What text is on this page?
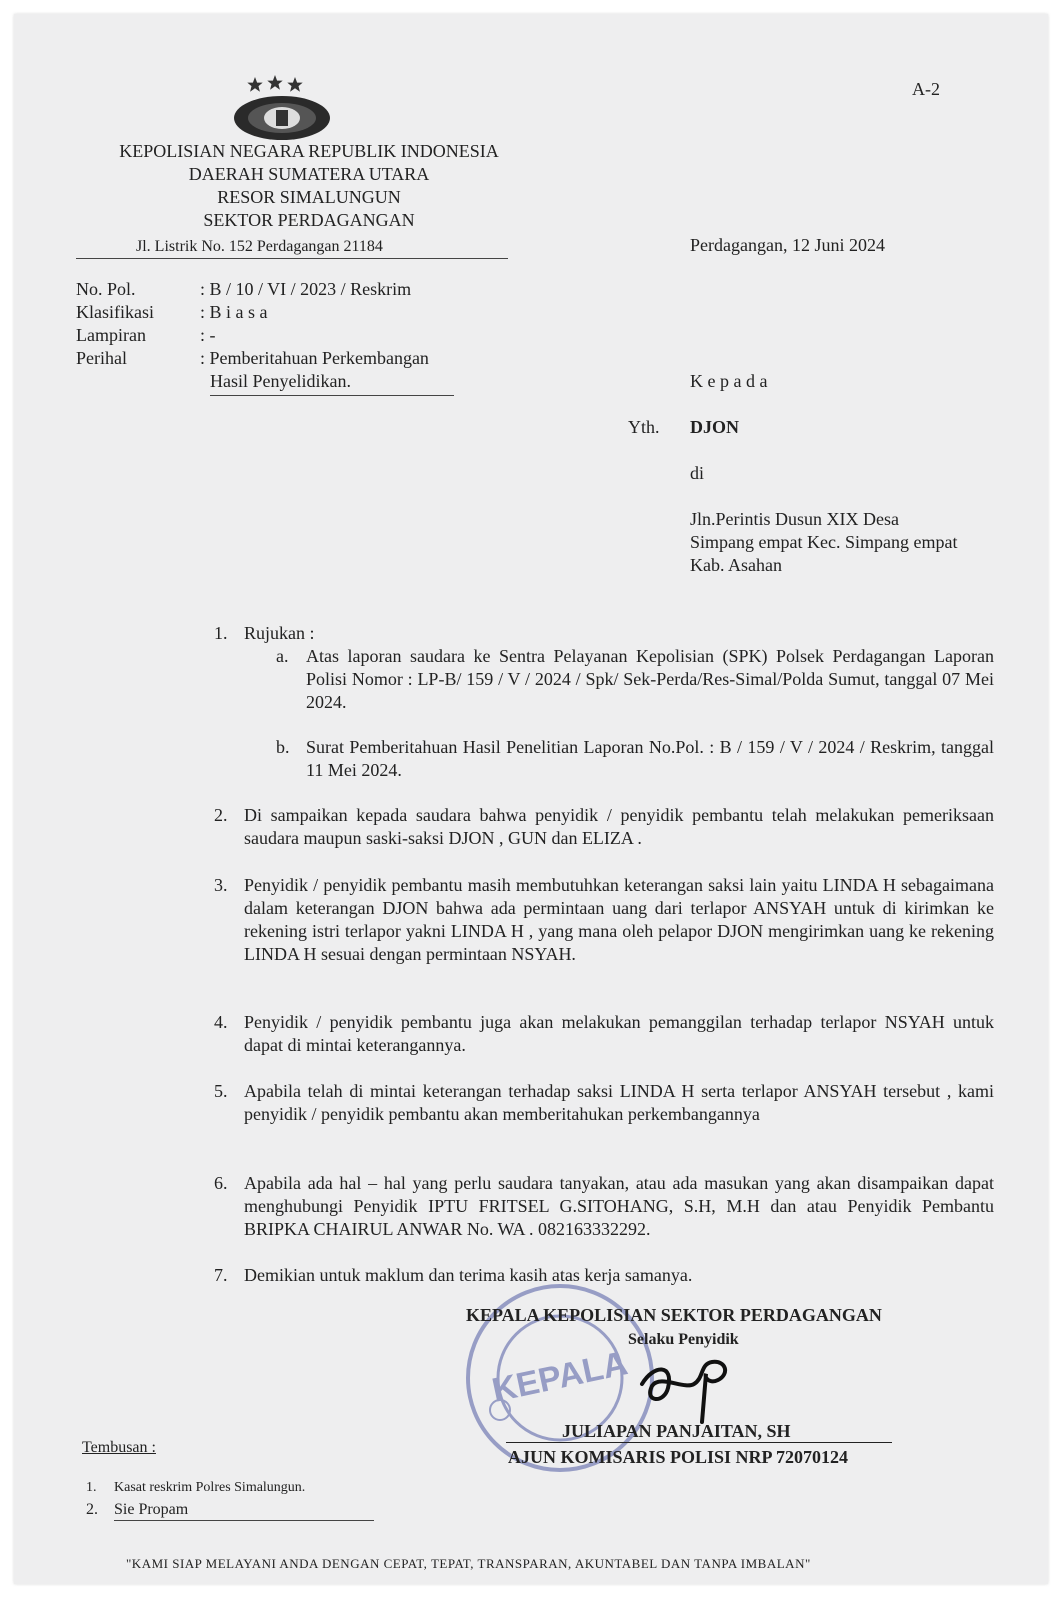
A-2
KEPOLISIAN NEGARA REPUBLIK INDONESIA
DAERAH SUMATERA UTARA
RESOR SIMALUNGUN
SEKTOR PERDAGANGAN
Jl. Listrik No. 152 Perdagangan 21184	Perdagangan, 12 Juni 2024
No. Pol.	: B / 10 / VI / 2023 / Reskrim
Klasifikasi	: B i a s a
Lampiran	: -
Perihal	: Pemberitahuan Perkembangan
Hasil Penyelidikan.	K e p a d a
Yth. DJON
di
Jln.Perintis Dusun XIX Desa
Simpang empat Kec. Simpang empat
Kab. Asahan
1. Rujukan :
a. Atas laporan saudara ke Sentra Pelayanan Kepolisian (SPK) Polsek Perdagangan Laporan Polisi Nomor : LP-B/ 159 / V / 2024 / Spk/ Sek-Perda/Res-Simal/Polda Sumut, tanggal 07 Mei 2024.
b. Surat Pemberitahuan Hasil Penelitian Laporan No.Pol. : B / 159 / V / 2024 / Reskrim, tanggal 11 Mei 2024.
2. Di sampaikan kepada saudara bahwa penyidik / penyidik pembantu telah melakukan pemeriksaan saudara maupun saski-saksi DJON , GUN dan ELIZA .
3. Penyidik / penyidik pembantu masih membutuhkan keterangan saksi lain yaitu LINDA H sebagaimana dalam keterangan DJON bahwa ada permintaan uang dari terlapor ANSYAH untuk di kirimkan ke rekening istri terlapor yakni LINDA H , yang mana oleh pelapor DJON mengirimkan uang ke rekening LINDA H sesuai dengan permintaan NSYAH.
4. Penyidik / penyidik pembantu juga akan melakukan pemanggilan terhadap terlapor NSYAH untuk dapat di mintai keterangannya.
5. Apabila telah di mintai keterangan terhadap saksi LINDA H serta terlapor ANSYAH tersebut , kami penyidik / penyidik pembantu akan memberitahukan perkembangannya
6. Apabila ada hal – hal yang perlu saudara tanyakan, atau ada masukan yang akan disampaikan dapat menghubungi Penyidik IPTU FRITSEL G.SITOHANG, S.H, M.H dan atau Penyidik Pembantu BRIPKA CHAIRUL ANWAR No. WA . 082163332292.
7. Demikian untuk maklum dan terima kasih atas kerja samanya.
KEPALA
KEPALA KEPOLISIAN SEKTOR PERDAGANGAN
Selaku Penyidik
JULIAPAN PANJAITAN, SH
AJUN KOMISARIS POLISI NRP 72070124
Tembusan :
1. Kasat reskrim Polres Simalungun.
2. Sie Propam
"KAMI SIAP MELAYANI ANDA DENGAN CEPAT, TEPAT, TRANSPARAN, AKUNTABEL DAN TANPA IMBALAN"
